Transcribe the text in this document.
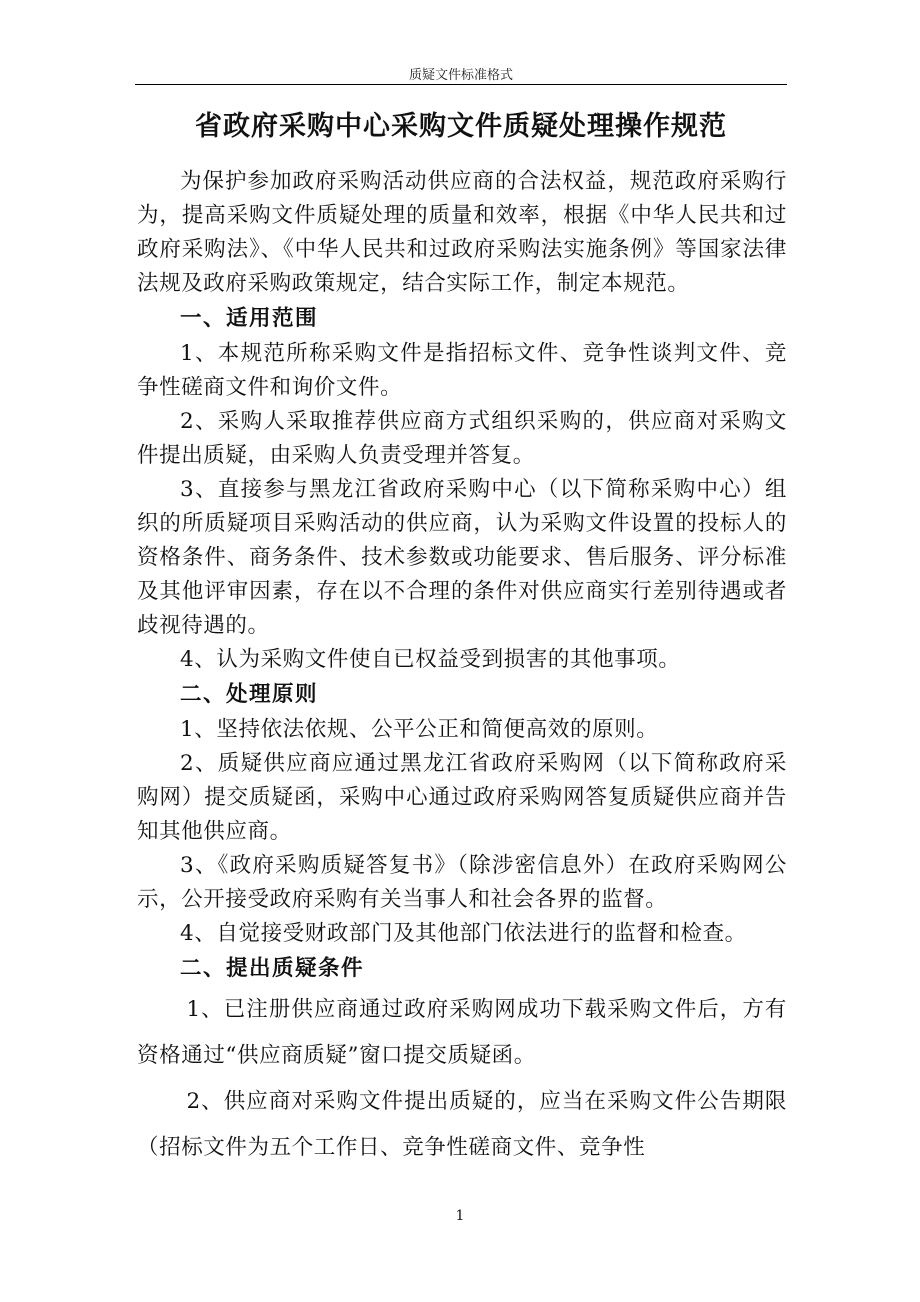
质疑文件标准格式
省政府采购中心采购文件质疑处理操作规范

为保护参加政府采购活动供应商的合法权益，规范政府采购行为，提高采购文件质疑处理的质量和效率，根据《中华人民共和过政府采购法》、《中华人民共和过政府采购法实施条例》等国家法律法规及政府采购政策规定，结合实际工作，制定本规范。

一、适用范围

1、本规范所称采购文件是指招标文件、竞争性谈判文件、竞争性磋商文件和询价文件。

2、采购人采取推荐供应商方式组织采购的，供应商对采购文件提出质疑，由采购人负责受理并答复。

3、直接参与黑龙江省政府采购中心（以下简称采购中心）组织的所质疑项目采购活动的供应商，认为采购文件设置的投标人的资格条件、商务条件、技术参数或功能要求、售后服务、评分标准及其他评审因素，存在以不合理的条件对供应商实行差别待遇或者歧视待遇的。

4、认为采购文件使自已权益受到损害的其他事项。

二、处理原则

1、坚持依法依规、公平公正和简便高效的原则。

2、质疑供应商应通过黑龙江省政府采购网（以下简称政府采购网）提交质疑函，采购中心通过政府采购网答复质疑供应商并告知其他供应商。

3、《政府采购质疑答复书》（除涉密信息外）在政府采购网公示，公开接受政府采购有关当事人和社会各界的监督。

4、自觉接受财政部门及其他部门依法进行的监督和检查。

二、提出质疑条件

1、已注册供应商通过政府采购网成功下载采购文件后，方有资格通过“供应商质疑”窗口提交质疑函。

2、供应商对采购文件提出质疑的，应当在采购文件公告期限（招标文件为五个工作日、竞争性磋商文件、竞争性

1
